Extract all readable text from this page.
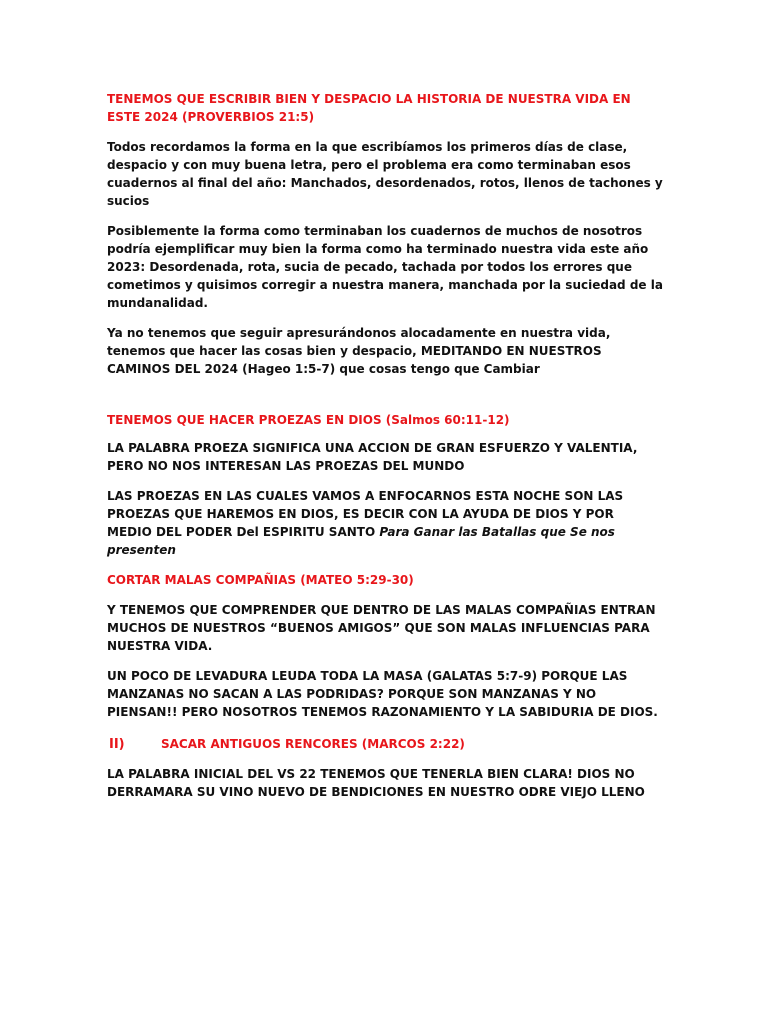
TENEMOS QUE ESCRIBIR BIEN Y DESPACIO LA HISTORIA DE NUESTRA VIDA EN ESTE 2024 (PROVERBIOS 21:5)

Todos recordamos la forma en la que escribíamos los primeros días de clase, despacio y con muy buena letra, pero el problema era como terminaban esos cuadernos al final del año: Manchados, desordenados, rotos, llenos de tachones y sucios

Posiblemente la forma como terminaban los cuadernos de muchos de nosotros podría ejemplificar muy bien la forma como ha terminado nuestra vida este año 2023: Desordenada, rota, sucia de pecado, tachada por todos los errores que cometimos y quisimos corregir a nuestra manera, manchada por la suciedad de la mundanalidad.

Ya no tenemos que seguir apresurándonos alocadamente en nuestra vida, tenemos que hacer las cosas bien y despacio, MEDITANDO EN NUESTROS CAMINOS DEL 2024 (Hageo 1:5-7) que cosas tengo que Cambiar

TENEMOS QUE HACER PROEZAS EN DIOS (Salmos 60:11-12)

LA PALABRA PROEZA SIGNIFICA UNA ACCION DE GRAN ESFUERZO Y VALENTIA, PERO NO NOS INTERESAN LAS PROEZAS DEL MUNDO

LAS PROEZAS EN LAS CUALES VAMOS A ENFOCARNOS ESTA NOCHE SON LAS PROEZAS QUE HAREMOS EN DIOS, ES DECIR CON LA AYUDA DE DIOS Y POR
MEDIO DEL PODER Del ESPIRITU SANTO Para Ganar las Batallas que Se nos presenten

CORTAR MALAS COMPAÑIAS (MATEO 5:29-30)

Y TENEMOS QUE COMPRENDER QUE DENTRO DE LAS MALAS COMPAÑIAS ENTRAN MUCHOS DE NUESTROS “BUENOS AMIGOS” QUE SON MALAS INFLUENCIAS PARA NUESTRA VIDA.

UN POCO DE LEVADURA LEUDA TODA LA MASA (GALATAS 5:7-9) PORQUE LAS MANZANAS NO SACAN A LAS PODRIDAS? PORQUE SON MANZANAS Y NO PIENSAN!! PERO NOSOTROS TENEMOS RAZONAMIENTO Y LA SABIDURIA DE DIOS.

II)	SACAR ANTIGUOS RENCORES (MARCOS 2:22)

LA PALABRA INICIAL DEL VS 22 TENEMOS QUE TENERLA BIEN CLARA! DIOS NO DERRAMARA SU VINO NUEVO DE BENDICIONES EN NUESTRO ODRE VIEJO LLENO
